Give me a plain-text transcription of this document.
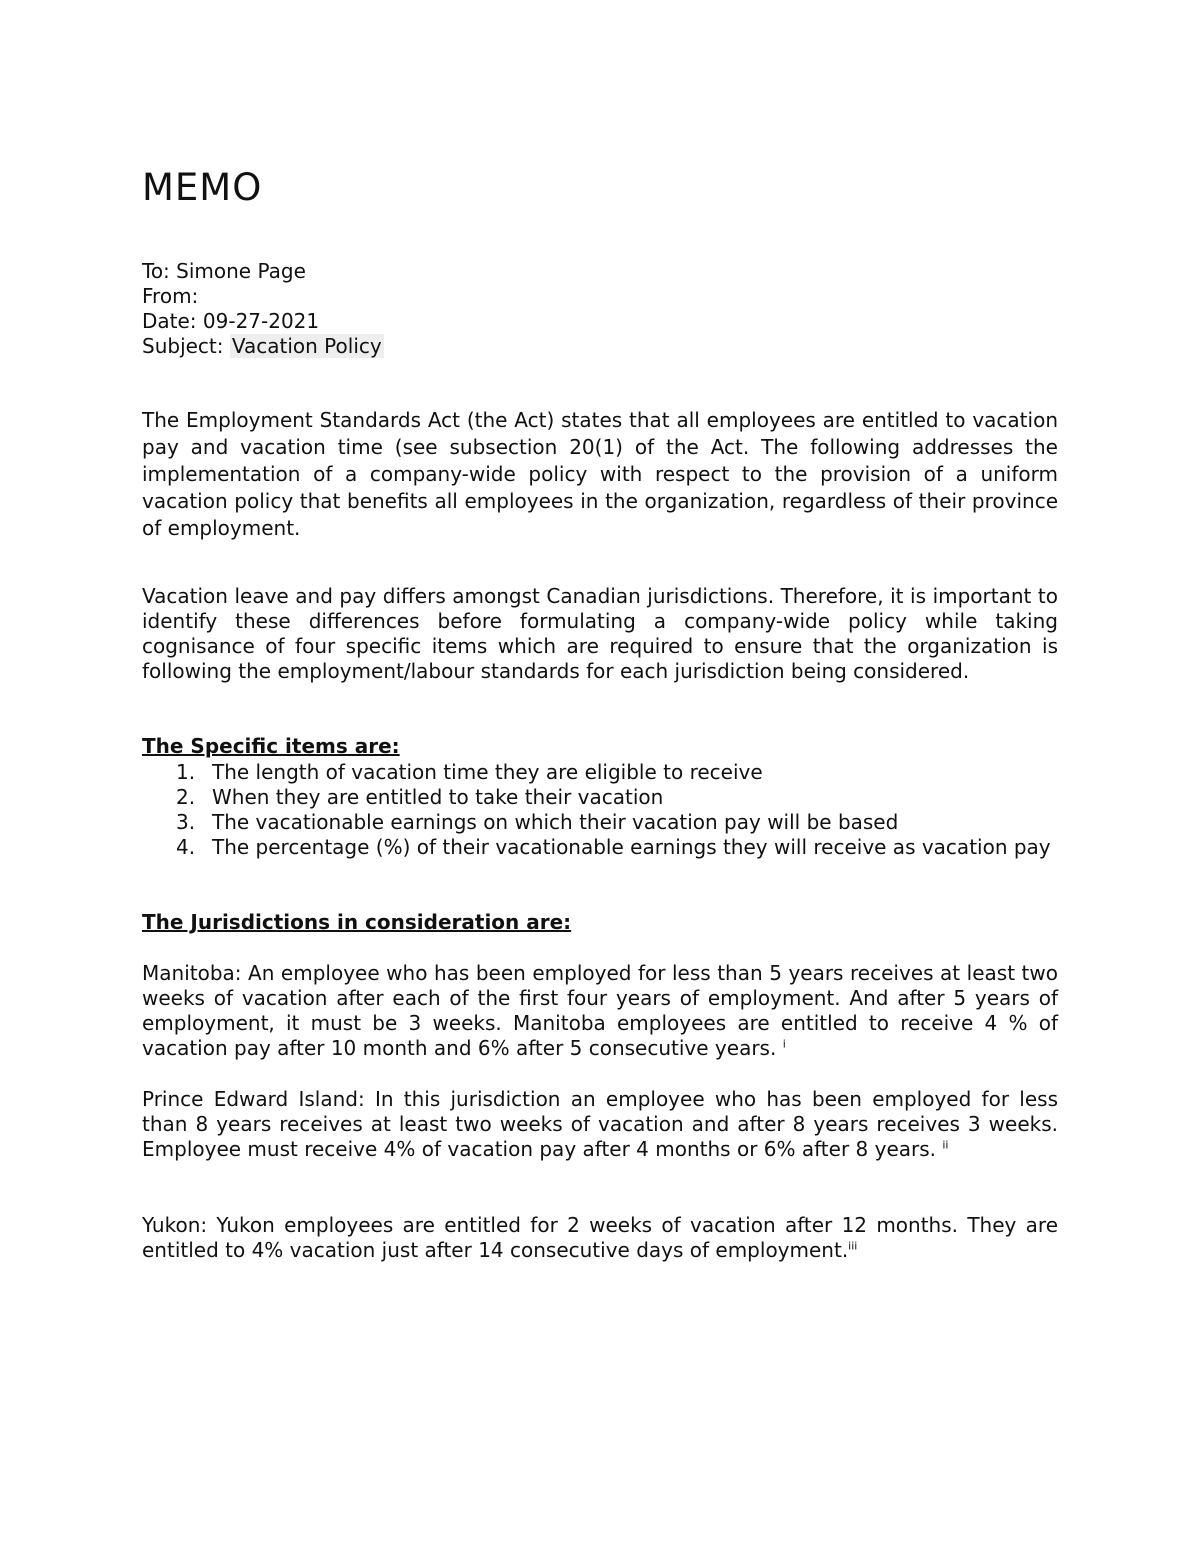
MEMO
To: Simone Page
From:
Date: 09-27-2021
Subject: Vacation Policy

The Employment Standards Act (the Act) states that all employees are entitled to vacation pay and vacation time (see subsection 20(1) of the Act. The following addresses the implementation of a company-wide policy with respect to the provision of a uniform vacation policy that benefits all employees in the organization, regardless of their province of employment.

Vacation leave and pay differs amongst Canadian jurisdictions. Therefore, it is important to identify these differences before formulating a company-wide policy while taking cognisance of four specific items which are required to ensure that the organization is following the employment/labour standards for each jurisdiction being considered.

The Specific items are:
1. The length of vacation time they are eligible to receive
2. When they are entitled to take their vacation
3. The vacationable earnings on which their vacation pay will be based
4. The percentage (%) of their vacationable earnings they will receive as vacation pay
The Jurisdictions in consideration are:

Manitoba: An employee who has been employed for less than 5 years receives at least two weeks of vacation after each of the first four years of employment. And after 5 years of employment, it must be 3 weeks. Manitoba employees are entitled to receive 4 % of vacation pay after 10 month and 6% after 5 consecutive years. $^i$

Prince Edward Island: In this jurisdiction an employee who has been employed for less than 8 years receives at least two weeks of vacation and after 8 years receives 3 weeks. Employee must receive 4% of vacation pay after 4 months or 6% after 8 years. $^{ii}$

Yukon: Yukon employees are entitled for 2 weeks of vacation after 12 months. They are entitled to 4% vacation just after 14 consecutive days of employment.$^{iii}$
